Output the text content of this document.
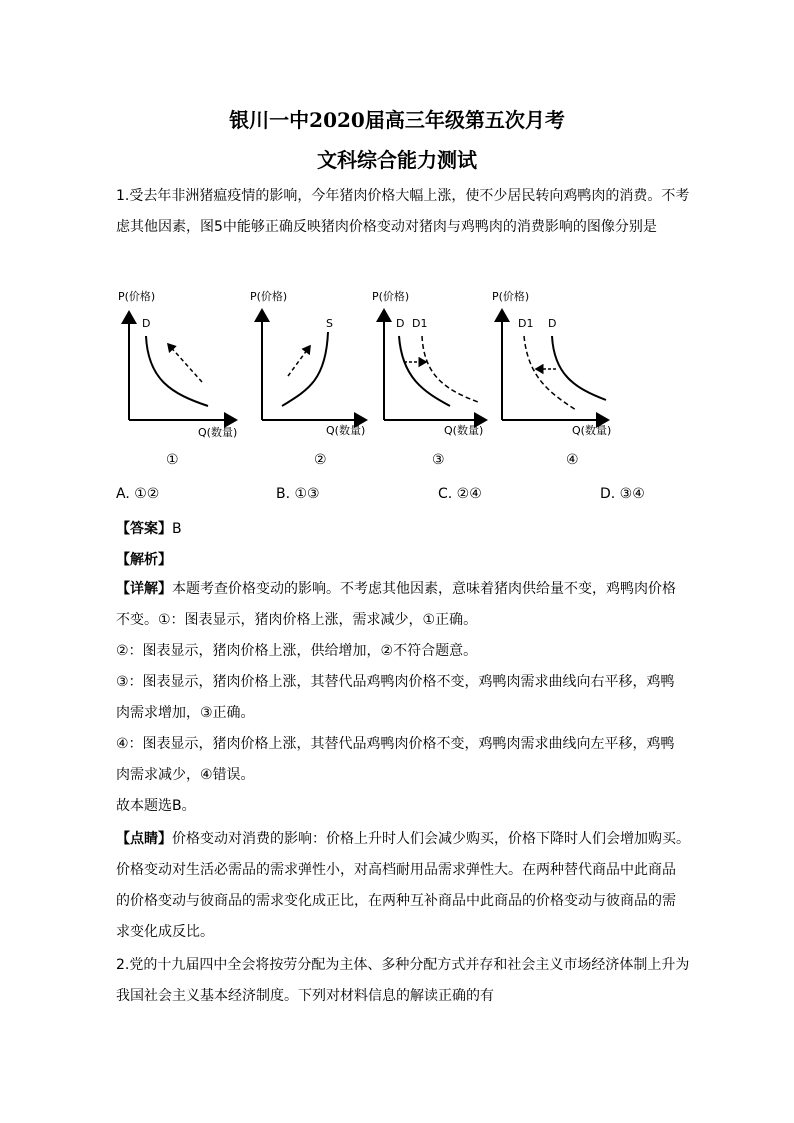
银川一中2020届高三年级第五次月考
文科综合能力测试
1.受去年非洲猪瘟疫情的影响，今年猪肉价格大幅上涨，使不少居民转向鸡鸭肉的消费。不考
虑其他因素，图5中能够正确反映猪肉价格变动对猪肉与鸡鸭肉的消费影响的图像分别是
P(价格)
Q(数量)
D
①
P(价格)
Q(数量)
S
②
P(价格)
Q(数量)
D D1
③
P(价格)
Q(数量)
D1 D
④
A. ①②	B. ①③	C. ②④	D. ③④
【答案】B
【解析】
【详解】本题考查价格变动的影响。不考虑其他因素，意味着猪肉供给量不变，鸡鸭肉价格
不变。①：图表显示，猪肉价格上涨，需求减少，①正确。
②：图表显示，猪肉价格上涨，供给增加，②不符合题意。
③：图表显示，猪肉价格上涨，其替代品鸡鸭肉价格不变，鸡鸭肉需求曲线向右平移，鸡鸭
肉需求增加，③正确。
④：图表显示，猪肉价格上涨，其替代品鸡鸭肉价格不变，鸡鸭肉需求曲线向左平移，鸡鸭
肉需求减少，④错误。
故本题选B。
【点睛】价格变动对消费的影响：价格上升时人们会减少购买，价格下降时人们会增加购买。
价格变动对生活必需品的需求弹性小，对高档耐用品需求弹性大。在两种替代商品中此商品
的价格变动与彼商品的需求变化成正比，在两种互补商品中此商品的价格变动与彼商品的需
求变化成反比。
2.党的十九届四中全会将按劳分配为主体、多种分配方式并存和社会主义市场经济体制上升为
我国社会主义基本经济制度。下列对材料信息的解读正确的有
